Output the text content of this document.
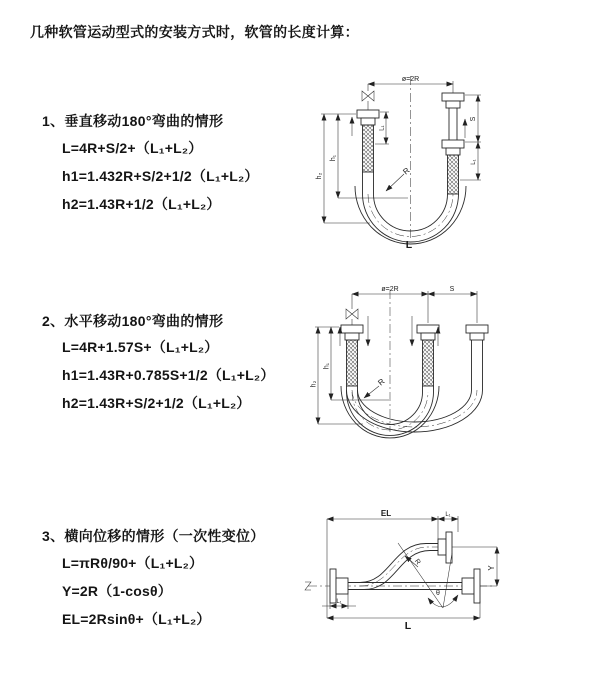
几种软管运动型式的安装方式时，软管的长度计算：
1、垂直移动180°弯曲的情形
L=4R+S/2+（L₁+L₂）
h1=1.432R+S/2+1/2（L₁+L₂）
h2=1.43R+1/2（L₁+L₂）
ø=2R
h₁
h₂
L₁
S
L₁
R
L
2、水平移动180°弯曲的情形
L=4R+1.57S+（L₁+L₂）
h1=1.43R+0.785S+1/2（L₁+L₂）
h2=1.43R+S/2+1/2（L₁+L₂）
ø=2R	S
h₁
h₂	R
3、横向位移的情形（一次性变位）
L=πRθ/90+（L₁+L₂）
Y=2R（1-cosθ）
EL=2Rsinθ+（L₁+L₂）
EL	L₁
Y
L
L₁
θ
R
